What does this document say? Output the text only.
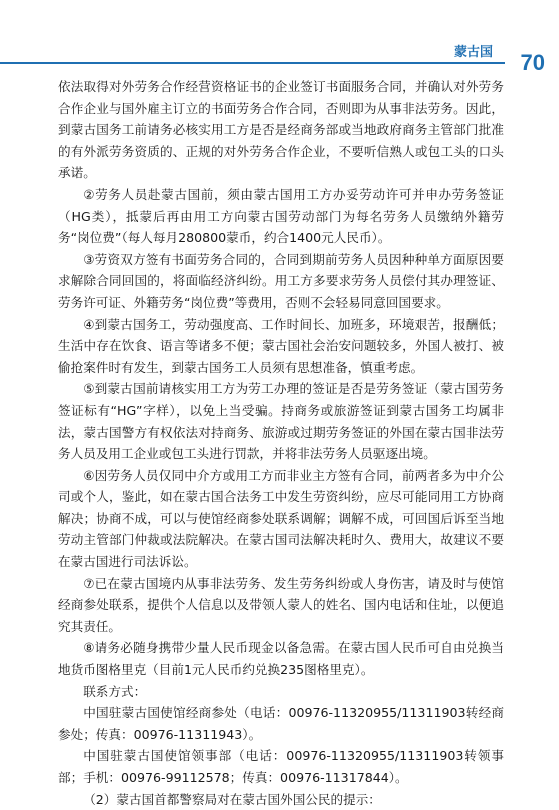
蒙古国 70

依法取得对外劳务合作经营资格证书的企业签订书面服务合同，并确认对外劳务合作企业与国外雇主订立的书面劳务合作合同，否则即为从事非法劳务。因此，到蒙古国务工前请务必核实用工方是否是经商务部或当地政府商务主管部门批准的有外派劳务资质的、正规的对外劳务合作企业，不要听信熟人或包工头的口头承诺。

②劳务人员赴蒙古国前，须由蒙古国用工方办妥劳动许可并申办劳务签证（HG类），抵蒙后再由用工方向蒙古国劳动部门为每名劳务人员缴纳外籍劳务“岗位费”（每人每月280800蒙币，约合1400元人民币）。

③劳资双方签有书面劳务合同的，合同到期前劳务人员因种种单方面原因要求解除合同回国的，将面临经济纠纷。用工方多要求劳务人员偿付其办理签证、劳务许可证、外籍劳务“岗位费”等费用，否则不会轻易同意回国要求。

④到蒙古国务工，劳动强度高、工作时间长、加班多，环境艰苦，报酬低；生活中存在饮食、语言等诸多不便；蒙古国社会治安问题较多，外国人被打、被偷抢案件时有发生，到蒙古国务工人员须有思想准备，慎重考虑。

⑤到蒙古国前请核实用工方为劳工办理的签证是否是劳务签证（蒙古国劳务签证标有“HG”字样），以免上当受骗。持商务或旅游签证到蒙古国务工均属非法，蒙古国警方有权依法对持商务、旅游或过期劳务签证的外国在蒙古国非法劳务人员及用工企业或包工头进行罚款，并将非法劳务人员驱逐出境。

⑥因劳务人员仅同中介方或用工方而非业主方签有合同，前两者多为中介公司或个人，鉴此，如在蒙古国合法务工中发生劳资纠纷，应尽可能同用工方协商解决；协商不成，可以与使馆经商参处联系调解；调解不成，可回国后诉至当地劳动主管部门仲裁或法院解决。在蒙古国司法解决耗时久、费用大，故建议不要在蒙古国进行司法诉讼。

⑦已在蒙古国境内从事非法劳务、发生劳务纠纷或人身伤害，请及时与使馆经商参处联系，提供个人信息以及带领人蒙人的姓名、国内电话和住址，以便追究其责任。

⑧请务必随身携带少量人民币现金以备急需。在蒙古国人民币可自由兑换当地货币图格里克（目前1元人民币约兑换235图格里克）。

联系方式：

中国驻蒙古国使馆经商参处（电话：00976-11320955/11311903转经商参处；传真：00976-11311943）。

中国驻蒙古国使馆领事部（电话：00976-11320955/11311903转领事部；手机：00976-99112578；传真：00976-11317844）。

（2）蒙古国首都警察局对在蒙古国外国公民的提示：
